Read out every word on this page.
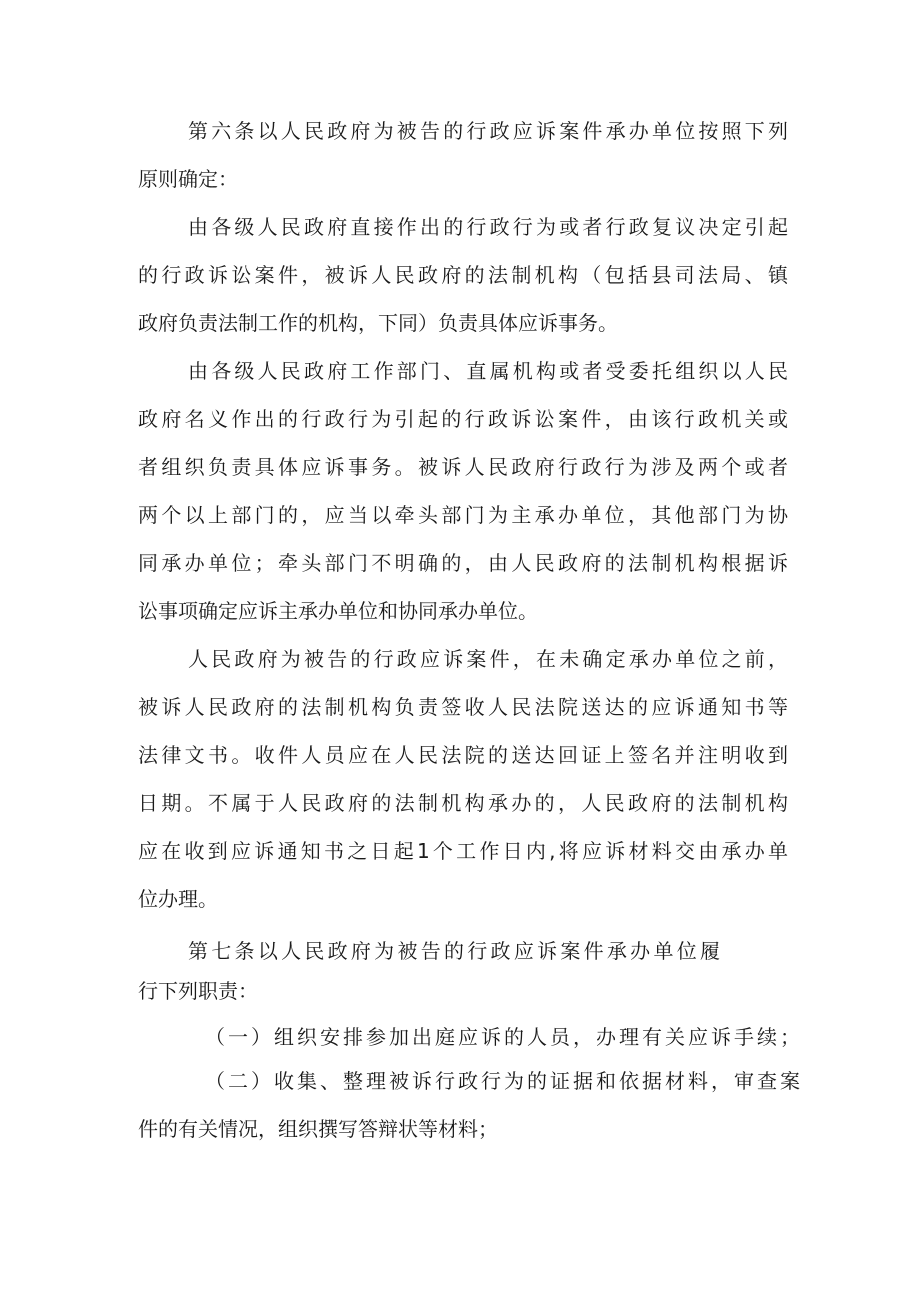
第六条以人民政府为被告的行政应诉案件承办单位按照下列
原则确定：
由各级人民政府直接作出的行政行为或者行政复议决定引起
的行政诉讼案件，被诉人民政府的法制机构（包括县司法局、镇
政府负责法制工作的机构，下同）负责具体应诉事务。
由各级人民政府工作部门、直属机构或者受委托组织以人民
政府名义作出的行政行为引起的行政诉讼案件，由该行政机关或
者组织负责具体应诉事务。被诉人民政府行政行为涉及两个或者
两个以上部门的，应当以牵头部门为主承办单位，其他部门为协
同承办单位；牵头部门不明确的，由人民政府的法制机构根据诉
讼事项确定应诉主承办单位和协同承办单位。
人民政府为被告的行政应诉案件，在未确定承办单位之前，
被诉人民政府的法制机构负责签收人民法院送达的应诉通知书等
法律文书。收件人员应在人民法院的送达回证上签名并注明收到
日期。不属于人民政府的法制机构承办的，人民政府的法制机构
应在收到应诉通知书之日起1个工作日内,将应诉材料交由承办单
位办理。
第七条以人民政府为被告的行政应诉案件承办单位履
行下列职责：
（一）组织安排参加出庭应诉的人员，办理有关应诉手续；
（二）收集、整理被诉行政行为的证据和依据材料，审查案
件的有关情况，组织撰写答辩状等材料；
